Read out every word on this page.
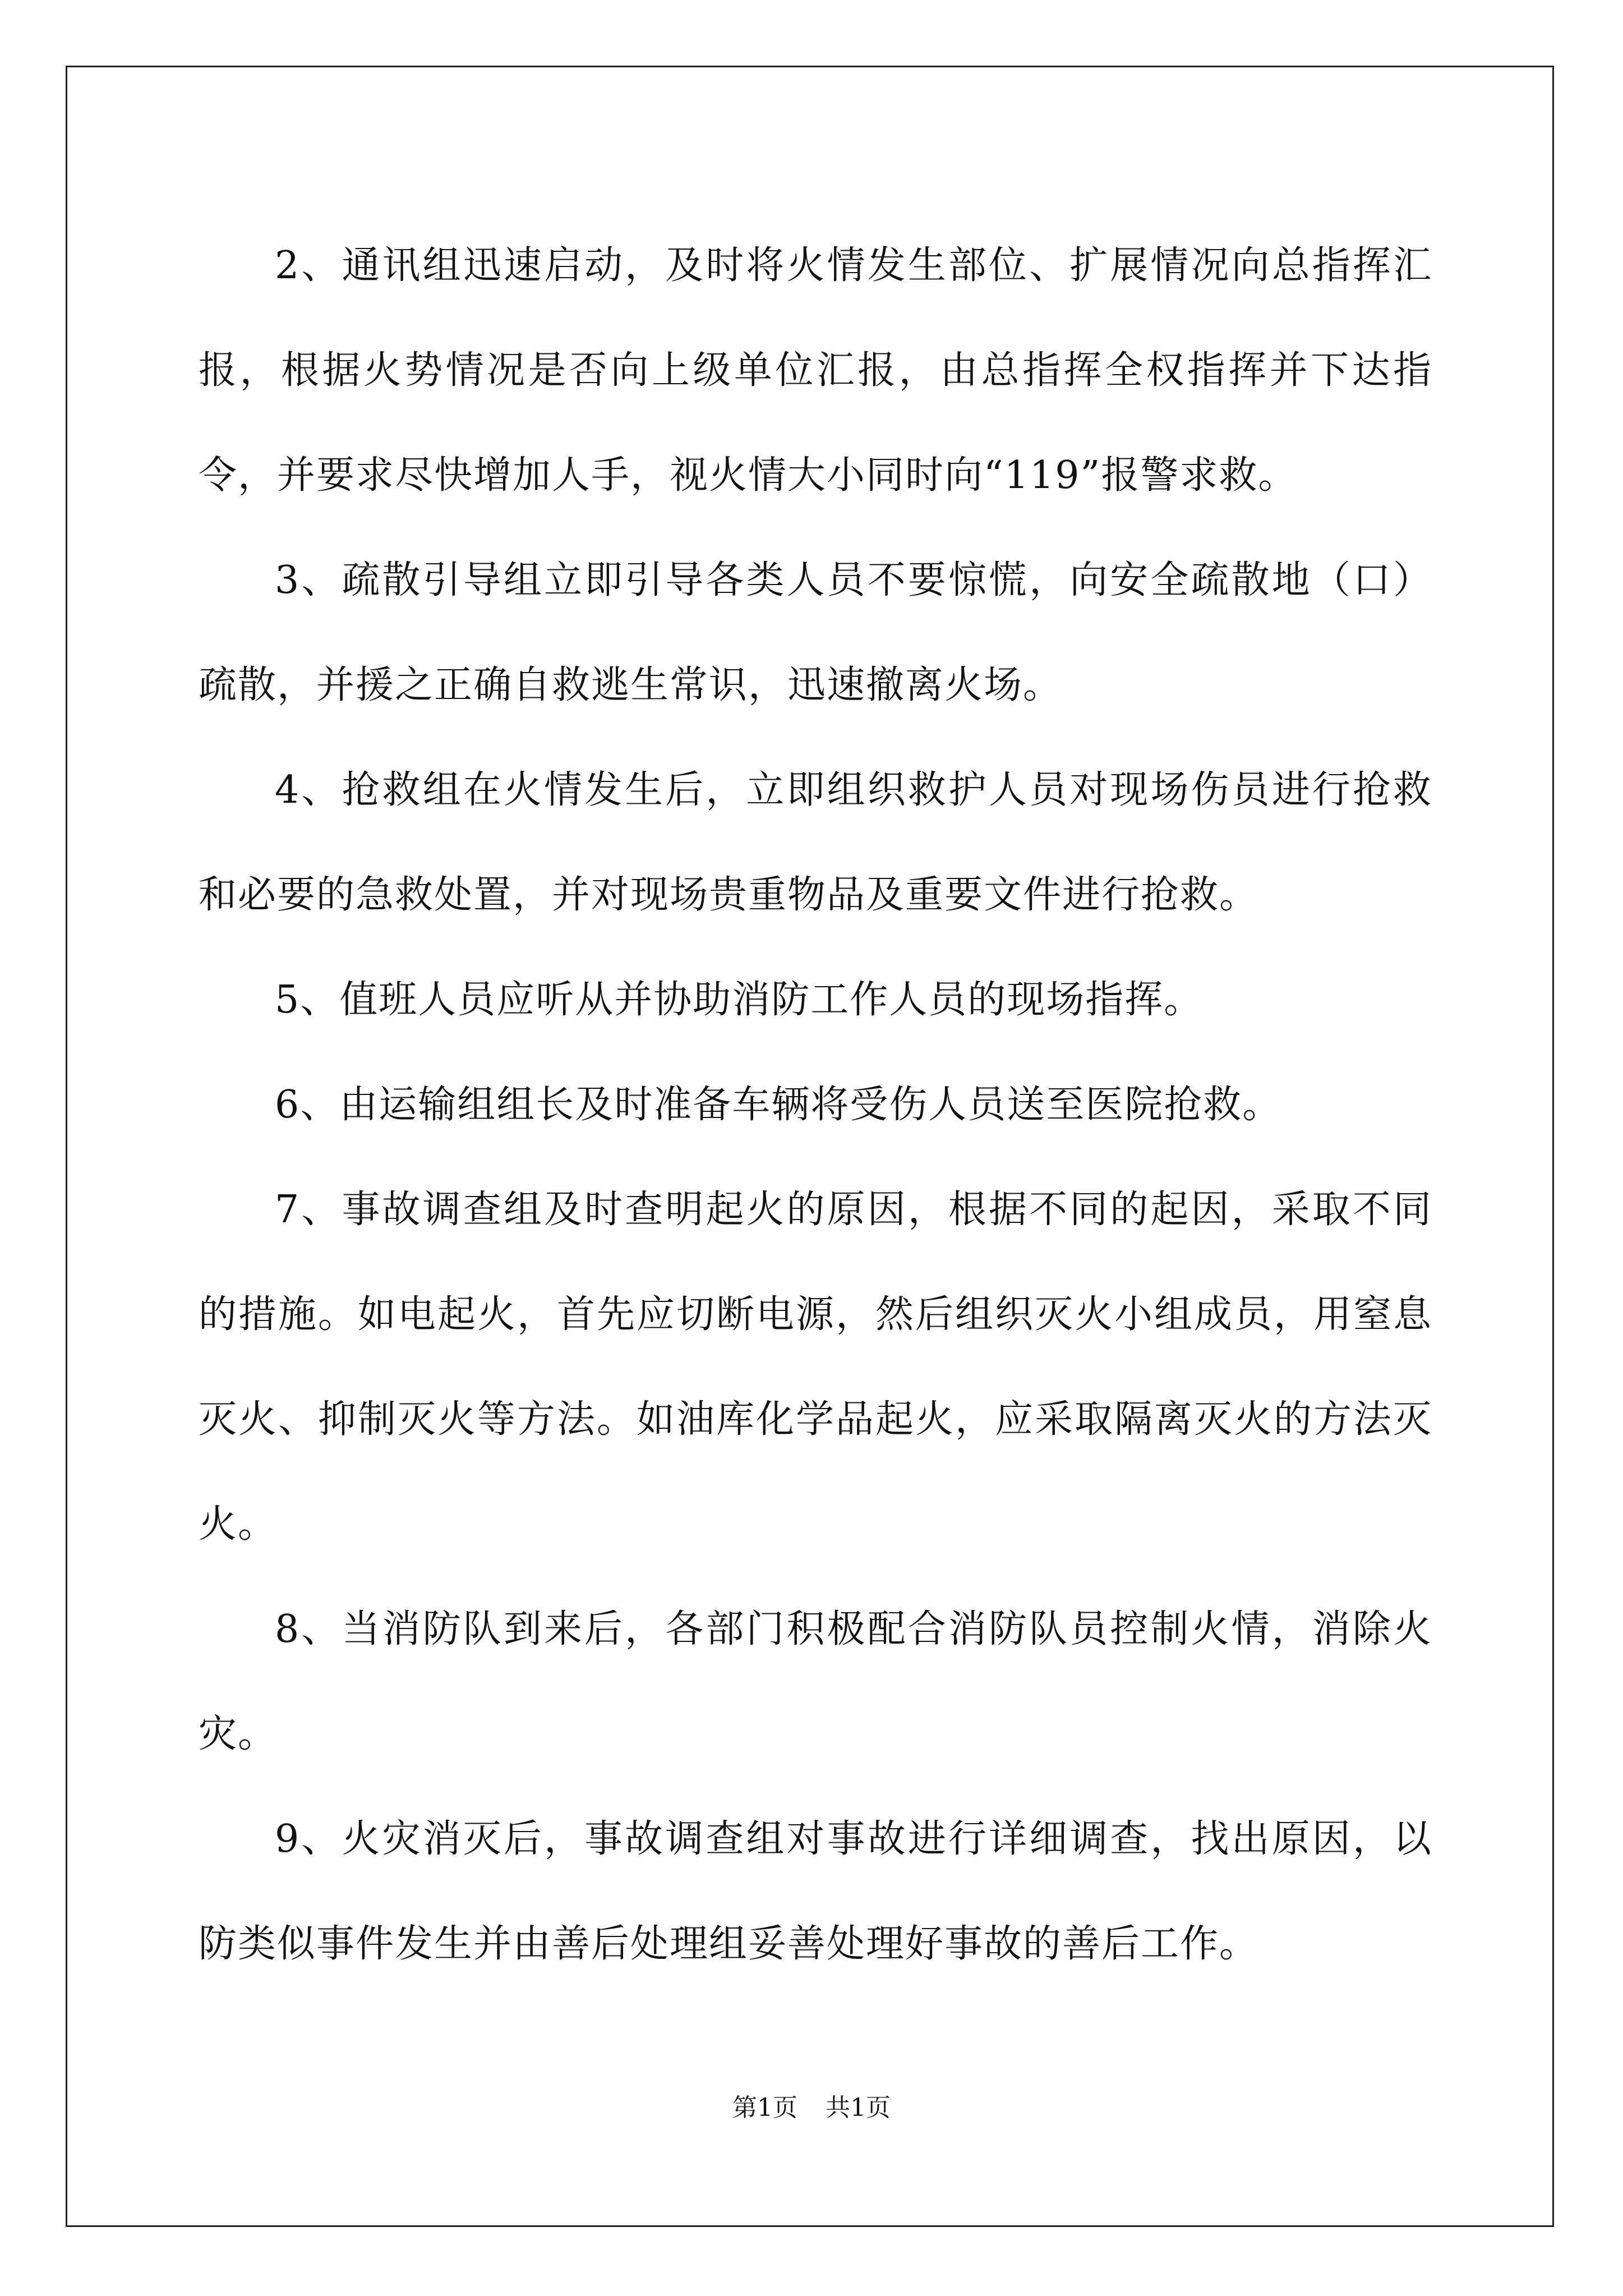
2、通讯组迅速启动，及时将火情发生部位、扩展情况向总指挥汇报，根据火势情况是否向上级单位汇报，由总指挥全权指挥并下达指令，并要求尽快增加人手，视火情大小同时向“119”报警求救。

3、疏散引导组立即引导各类人员不要惊慌，向安全疏散地（口）疏散，并援之正确自救逃生常识，迅速撤离火场。

4、抢救组在火情发生后，立即组织救护人员对现场伤员进行抢救和必要的急救处置，并对现场贵重物品及重要文件进行抢救。

5、值班人员应听从并协助消防工作人员的现场指挥。

6、由运输组组长及时准备车辆将受伤人员送至医院抢救。

7、事故调查组及时查明起火的原因，根据不同的起因，采取不同的措施。如电起火，首先应切断电源，然后组织灭火小组成员，用窒息灭火、抑制灭火等方法。如油库化学品起火，应采取隔离灭火的方法灭火。

8、当消防队到来后，各部门积极配合消防队员控制火情，消除火灾。

9、火灾消灭后，事故调查组对事故进行详细调查，找出原因，以防类似事件发生并由善后处理组妥善处理好事故的善后工作。

第1页 共1页
